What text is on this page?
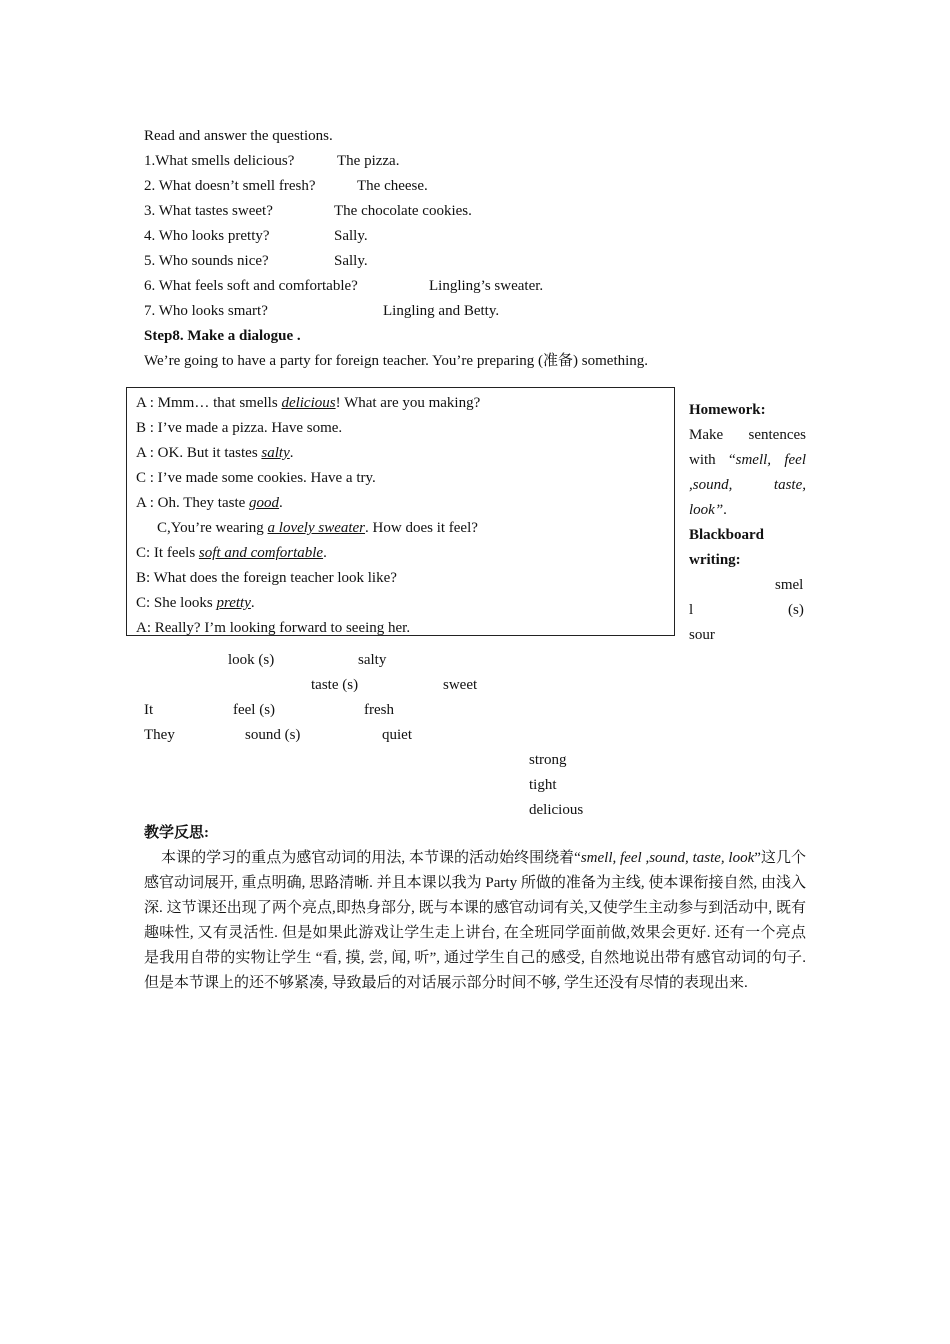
Read and answer the questions.
1.What smells delicious?	The pizza.
2. What doesn’t smell fresh?	The cheese.
3. What tastes sweet?	The chocolate cookies.
4. Who looks pretty?	Sally.
5. Who sounds nice?	Sally.
6. What feels soft and comfortable?	Lingling’s sweater.
7. Who looks smart?	Lingling and Betty.
Step8. Make a dialogue .
We’re going to have a party for foreign teacher. You’re preparing (准备) something.
A : Mmm… that smells delicious! What are you making?
B : I’ve made a pizza. Have some.
A : OK. But it tastes salty.
C : I’ve made some cookies. Have a try.
A : Oh. They taste good.
C,You’re wearing a lovely sweater. How does it feel?
C: It feels soft and comfortable.
B: What does the foreign teacher look like?
C: She looks pretty.
A: Really? I’m looking forward to seeing her.
Homework:
Make sentences with “smell, feel ,sound, taste, look”.
Blackboard writing:
smel
l	(s)
sour
look (s)	salty
taste (s)	sweet
It	feel (s)	fresh
They	sound (s)	quiet
strong
tight
delicious
教学反思:
本课的学习的重点为感官动词的用法, 本节课的活动始终围绕着“smell, feel ,sound, taste, look”这几个感官动词展开, 重点明确, 思路清晰. 并且本课以我为 Party 所做的准备为主线, 使本课衔接自然, 由浅入深. 这节课还出现了两个亮点,即热身部分, 既与本课的感官动词有关,又使学生主动参与到活动中, 既有趣味性, 又有灵活性. 但是如果此游戏让学生走上讲台, 在全班同学面前做,效果会更好. 还有一个亮点是我用自带的实物让学生 “看, 摸, 尝, 闻, 听”, 通过学生自己的感受, 自然地说出带有感官动词的句子. 但是本节课上的还不够紧凑, 导致最后的对话展示部分时间不够, 学生还没有尽情的表现出来.
